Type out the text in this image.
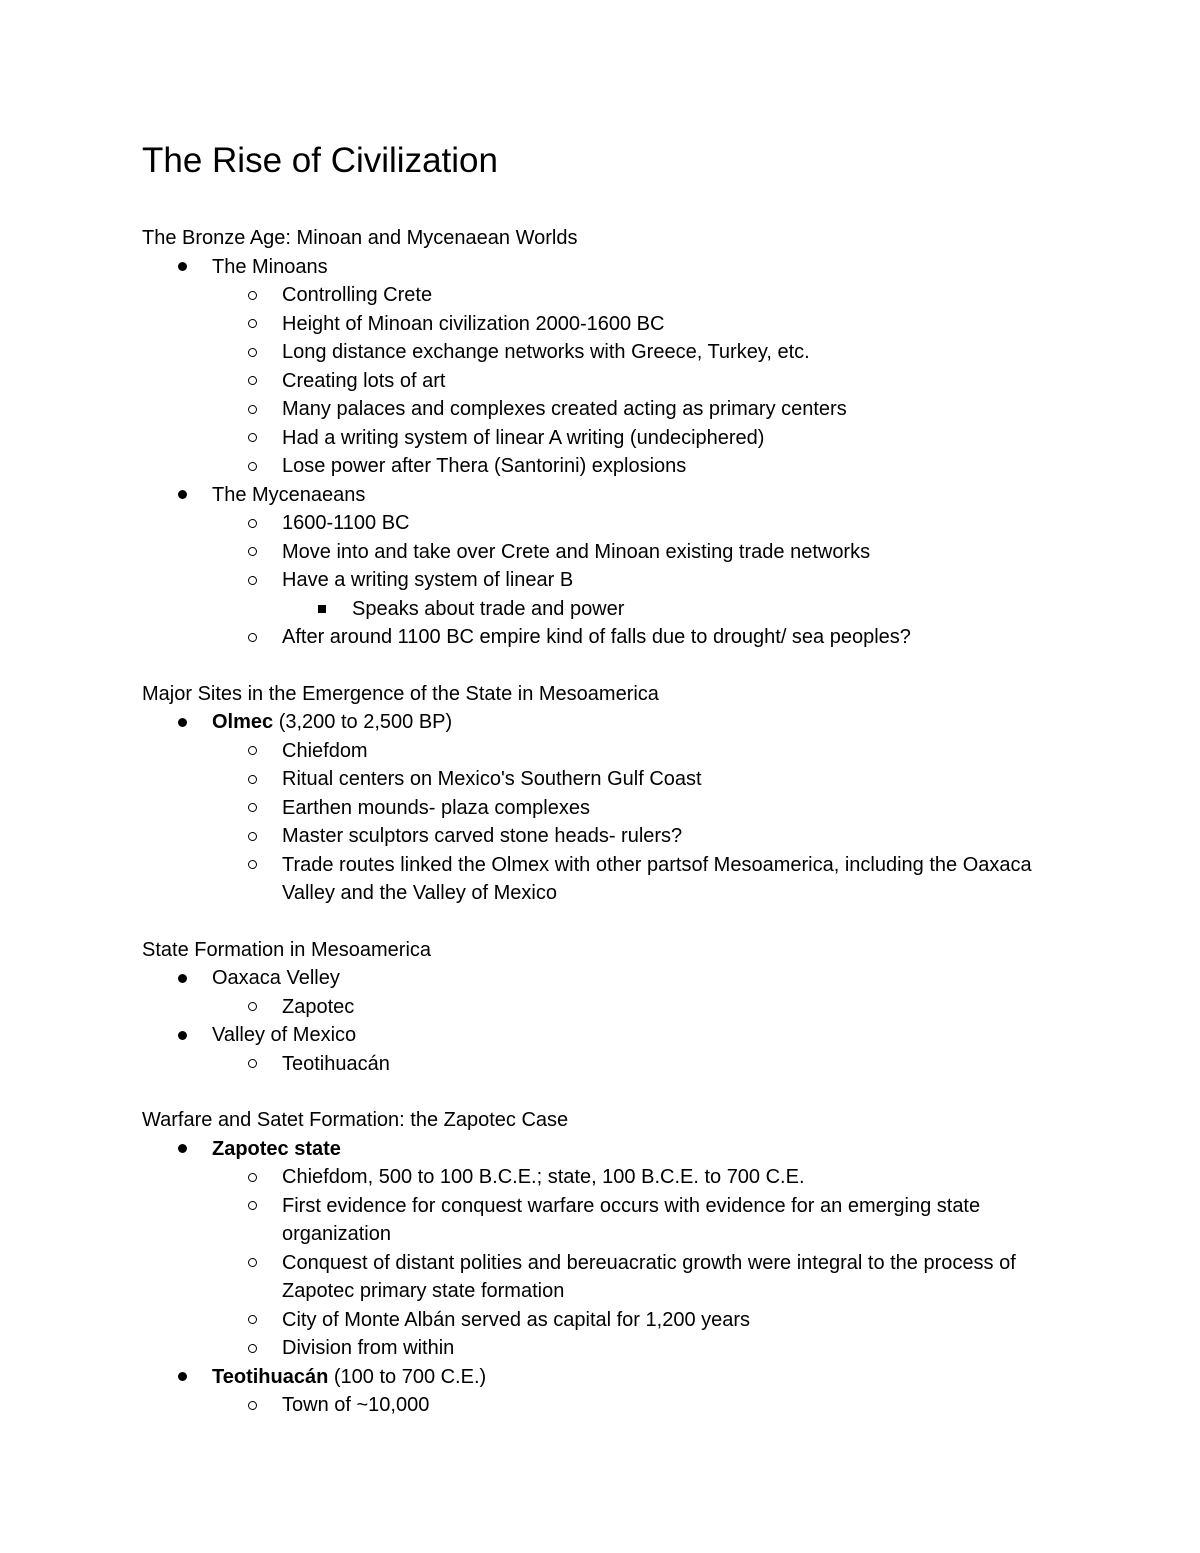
The Rise of Civilization
The Bronze Age: Minoan and Mycenaean Worlds
The Minoans
Controlling Crete
Height of Minoan civilization 2000-1600 BC
Long distance exchange networks with Greece, Turkey, etc.
Creating lots of art
Many palaces and complexes created acting as primary centers
Had a writing system of linear A writing (undeciphered)
Lose power after Thera (Santorini) explosions
The Mycenaeans
1600-1100 BC
Move into and take over Crete and Minoan existing trade networks
Have a writing system of linear B
Speaks about trade and power
After around 1100 BC empire kind of falls due to drought/ sea peoples?
Major Sites in the Emergence of the State in Mesoamerica
Olmec (3,200 to 2,500 BP)
Chiefdom
Ritual centers on Mexico's Southern Gulf Coast
Earthen mounds- plaza complexes
Master sculptors carved stone heads- rulers?
Trade routes linked the Olmex with other partsof Mesoamerica, including the Oaxaca Valley and the Valley of Mexico
State Formation in Mesoamerica
Oaxaca Velley
Zapotec
Valley of Mexico
Teotihuacán
Warfare and Satet Formation: the Zapotec Case
Zapotec state
Chiefdom, 500 to 100 B.C.E.; state, 100 B.C.E. to 700 C.E.
First evidence for conquest warfare occurs with evidence for an emerging state organization
Conquest of distant polities and bereuacratic growth were integral to the process of Zapotec primary state formation
City of Monte Albán served as capital for 1,200 years
Division from within
Teotihuacán (100 to 700 C.E.)
Town of ~10,000
